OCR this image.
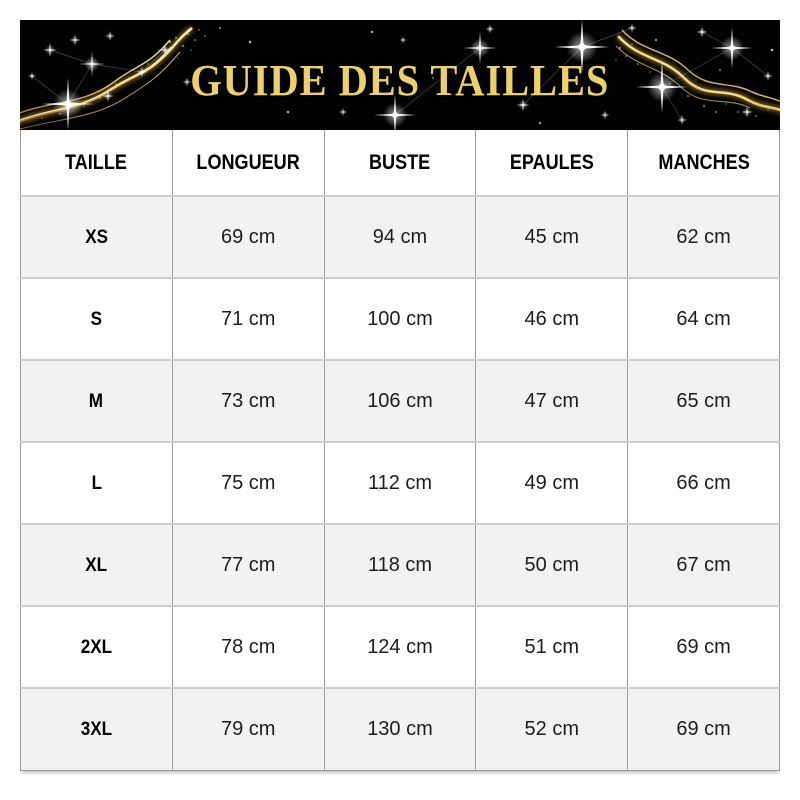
GUIDE DES TAILLES
TAILLE	LONGUEUR	BUSTE	EPAULES	MANCHES
XS	69 cm	94 cm	45 cm	62 cm
S	71 cm	100 cm	46 cm	64 cm
M	73 cm	106 cm	47 cm	65 cm
L	75 cm	112 cm	49 cm	66 cm
XL	77 cm	118 cm	50 cm	67 cm
2XL	78 cm	124 cm	51 cm	69 cm
3XL	79 cm	130 cm	52 cm	69 cm
